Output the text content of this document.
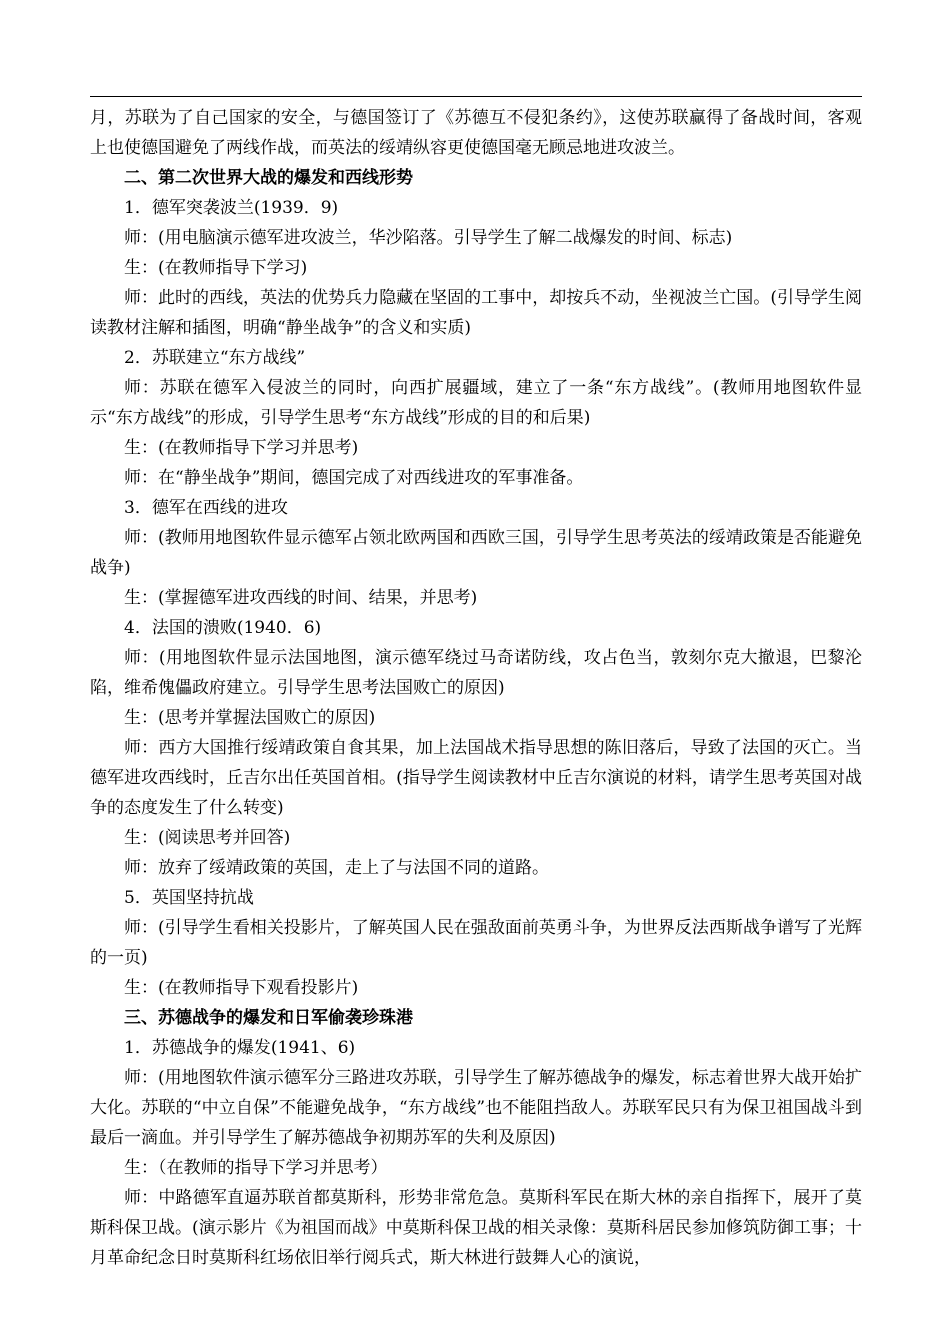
月，苏联为了自己国家的安全，与德国签订了《苏德互不侵犯条约》，这使苏联赢得了备战时间，客观上也使德国避免了两线作战，而英法的绥靖纵容更使德国毫无顾忌地进攻波兰。

二、第二次世界大战的爆发和西线形势

1．德军突袭波兰(1939．9)

师：(用电脑演示德军进攻波兰，华沙陷落。引导学生了解二战爆发的时间、标志)

生：(在教师指导下学习)

师：此时的西线，英法的优势兵力隐藏在坚固的工事中，却按兵不动，坐视波兰亡国。(引导学生阅读教材注解和插图，明确“静坐战争”的含义和实质)

2．苏联建立“东方战线”

师：苏联在德军入侵波兰的同时，向西扩展疆域，建立了一条“东方战线”。(教师用地图软件显示“东方战线”的形成，引导学生思考“东方战线”形成的目的和后果)

生：(在教师指导下学习并思考)

师：在“静坐战争”期间，德国完成了对西线进攻的军事准备。

3．德军在西线的进攻

师：(教师用地图软件显示德军占领北欧两国和西欧三国，引导学生思考英法的绥靖政策是否能避免战争)

生：(掌握德军进攻西线的时间、结果，并思考)

4．法国的溃败(1940．6)

师：(用地图软件显示法国地图，演示德军绕过马奇诺防线，攻占色当，敦刻尔克大撤退，巴黎沦陷，维希傀儡政府建立。引导学生思考法国败亡的原因)

生：(思考并掌握法国败亡的原因)

师：西方大国推行绥靖政策自食其果，加上法国战术指导思想的陈旧落后，导致了法国的灭亡。当德军进攻西线时，丘吉尔出任英国首相。(指导学生阅读教材中丘吉尔演说的材料，请学生思考英国对战争的态度发生了什么转变)

生：(阅读思考并回答)

师：放弃了绥靖政策的英国，走上了与法国不同的道路。

5．英国坚持抗战

师：(引导学生看相关投影片，了解英国人民在强敌面前英勇斗争，为世界反法西斯战争谱写了光辉的一页)

生：(在教师指导下观看投影片)

三、苏德战争的爆发和日军偷袭珍珠港

1．苏德战争的爆发(1941、6)

师：(用地图软件演示德军分三路进攻苏联，引导学生了解苏德战争的爆发，标志着世界大战开始扩大化。苏联的“中立自保”不能避免战争，“东方战线”也不能阻挡敌人。苏联军民只有为保卫祖国战斗到最后一滴血。并引导学生了解苏德战争初期苏军的失利及原因)

生：（在教师的指导下学习并思考）

师：中路德军直逼苏联首都莫斯科，形势非常危急。莫斯科军民在斯大林的亲自指挥下，展开了莫斯科保卫战。(演示影片《为祖国而战》中莫斯科保卫战的相关录像：莫斯科居民参加修筑防御工事；十月革命纪念日时莫斯科红场依旧举行阅兵式，斯大林进行鼓舞人心的演说，
